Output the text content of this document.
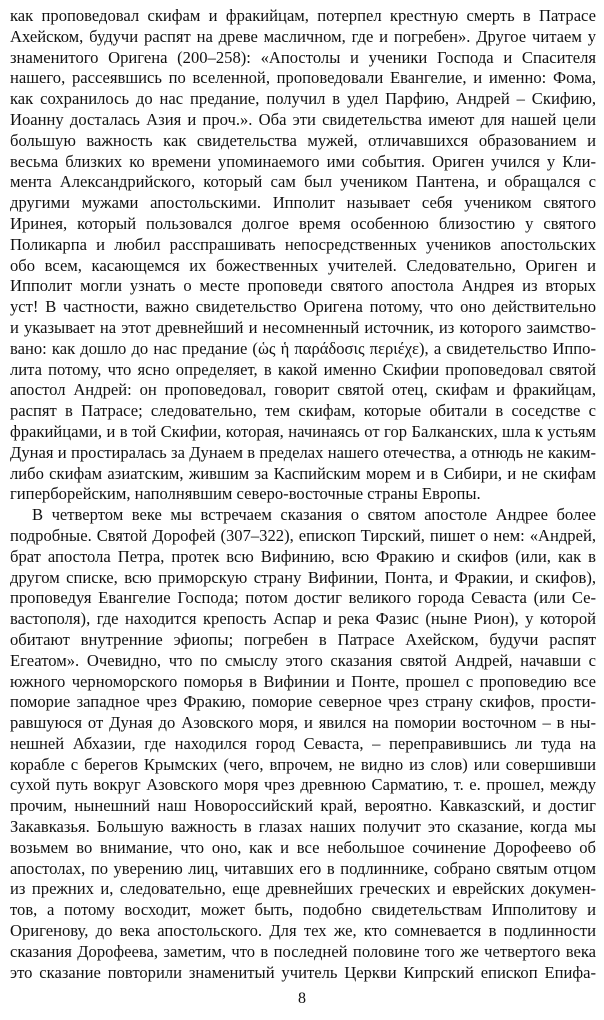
как проповедовал скифам и фракийцам, потерпел крестную смерть в Патрасе
Ахейском, будучи распят на древе масличном, где и погребен». Другое читаем у
знаменитого Оригена (200–258): «Апостолы и ученики Господа и Спасителя
нашего, рассеявшись по вселенной, проповедовали Евангелие, и именно: Фома,
как сохранилось до нас предание, получил в удел Парфию, Андрей – Скифию,
Иоанну досталась Азия и проч.». Оба эти свидетельства имеют для нашей цели
большую важность как свидетельства мужей, отличавшихся образованием и
весьма близких ко времени упоминаемого ими события. Ориген учился у Кли-
мента Александрийского, который сам был учеником Пантена, и обращался с
другими мужами апостольскими. Ипполит называет себя учеником святого
Иринея, который пользовался долгое время особенною близостию у святого
Поликарпа и любил расспрашивать непосредственных учеников апостольских
обо всем, касающемся их божественных учителей. Следовательно, Ориген и
Ипполит могли узнать о месте проповеди святого апостола Андрея из вторых
уст! В частности, важно свидетельство Оригена потому, что оно действительно
и указывает на этот древнейший и несомненный источник, из которого заимство-
вано: как дошло до нас предание (ὡς ἡ παράδοσις περιέχε), а свидетельство Иппо-
лита потому, что ясно определяет, в какой именно Скифии проповедовал святой
апостол Андрей: он проповедовал, говорит святой отец, скифам и фракийцам,
распят в Патрасе; следовательно, тем скифам, которые обитали в соседстве с
фракийцами, и в той Скифии, которая, начинаясь от гор Балканских, шла к устьям
Дуная и простиралась за Дунаем в пределах нашего отечества, а отнюдь не каким-
либо скифам азиатским, жившим за Каспийским морем и в Сибири, и не скифам
гиперборейским, наполнявшим северо-восточные страны Европы.
В четвертом веке мы встречаем сказания о святом апостоле Андрее более
подробные. Святой Дорофей (307–322), епископ Тирский, пишет о нем: «Андрей,
брат апостола Петра, протек всю Вифинию, всю Фракию и скифов (или, как в
другом списке, всю приморскую страну Вифинии, Понта, и Фракии, и скифов),
проповедуя Евангелие Господа; потом достиг великого города Севаста (или Се-
вастополя), где находится крепость Аспар и река Фазис (ныне Рион), у которой
обитают внутренние эфиопы; погребен в Патрасе Ахейском, будучи распят
Егеатом». Очевидно, что по смыслу этого сказания святой Андрей, начавши с
южного черноморского поморья в Вифинии и Понте, прошел с проповедию все
поморие западное чрез Фракию, поморие северное чрез страну скифов, прости-
равшуюся от Дуная до Азовского моря, и явился на помории восточном – в ны-
нешней Абхазии, где находился город Севаста, – переправившись ли туда на
корабле с берегов Крымских (чего, впрочем, не видно из слов) или совершивши
сухой путь вокруг Азовского моря чрез древнюю Сарматию, т. е. прошел, между
прочим, нынешний наш Новороссийский край, вероятно. Кавказский, и достиг
Закавказья. Большую важность в глазах наших получит это сказание, когда мы
возьмем во внимание, что оно, как и все небольшое сочинение Дорофеево об
апостолах, по уверению лиц, читавших его в подлиннике, собрано святым отцом
из прежних и, следовательно, еще древнейших греческих и еврейских докумен-
тов, а потому восходит, может быть, подобно свидетельствам Ипполитову и
Оригенову, до века апостольского. Для тех же, кто сомневается в подлинности
сказания Дорофеева, заметим, что в последней половине того же четвертого века
это сказание повторили знаменитый учитель Церкви Кипрский епископ Епифа-
8
